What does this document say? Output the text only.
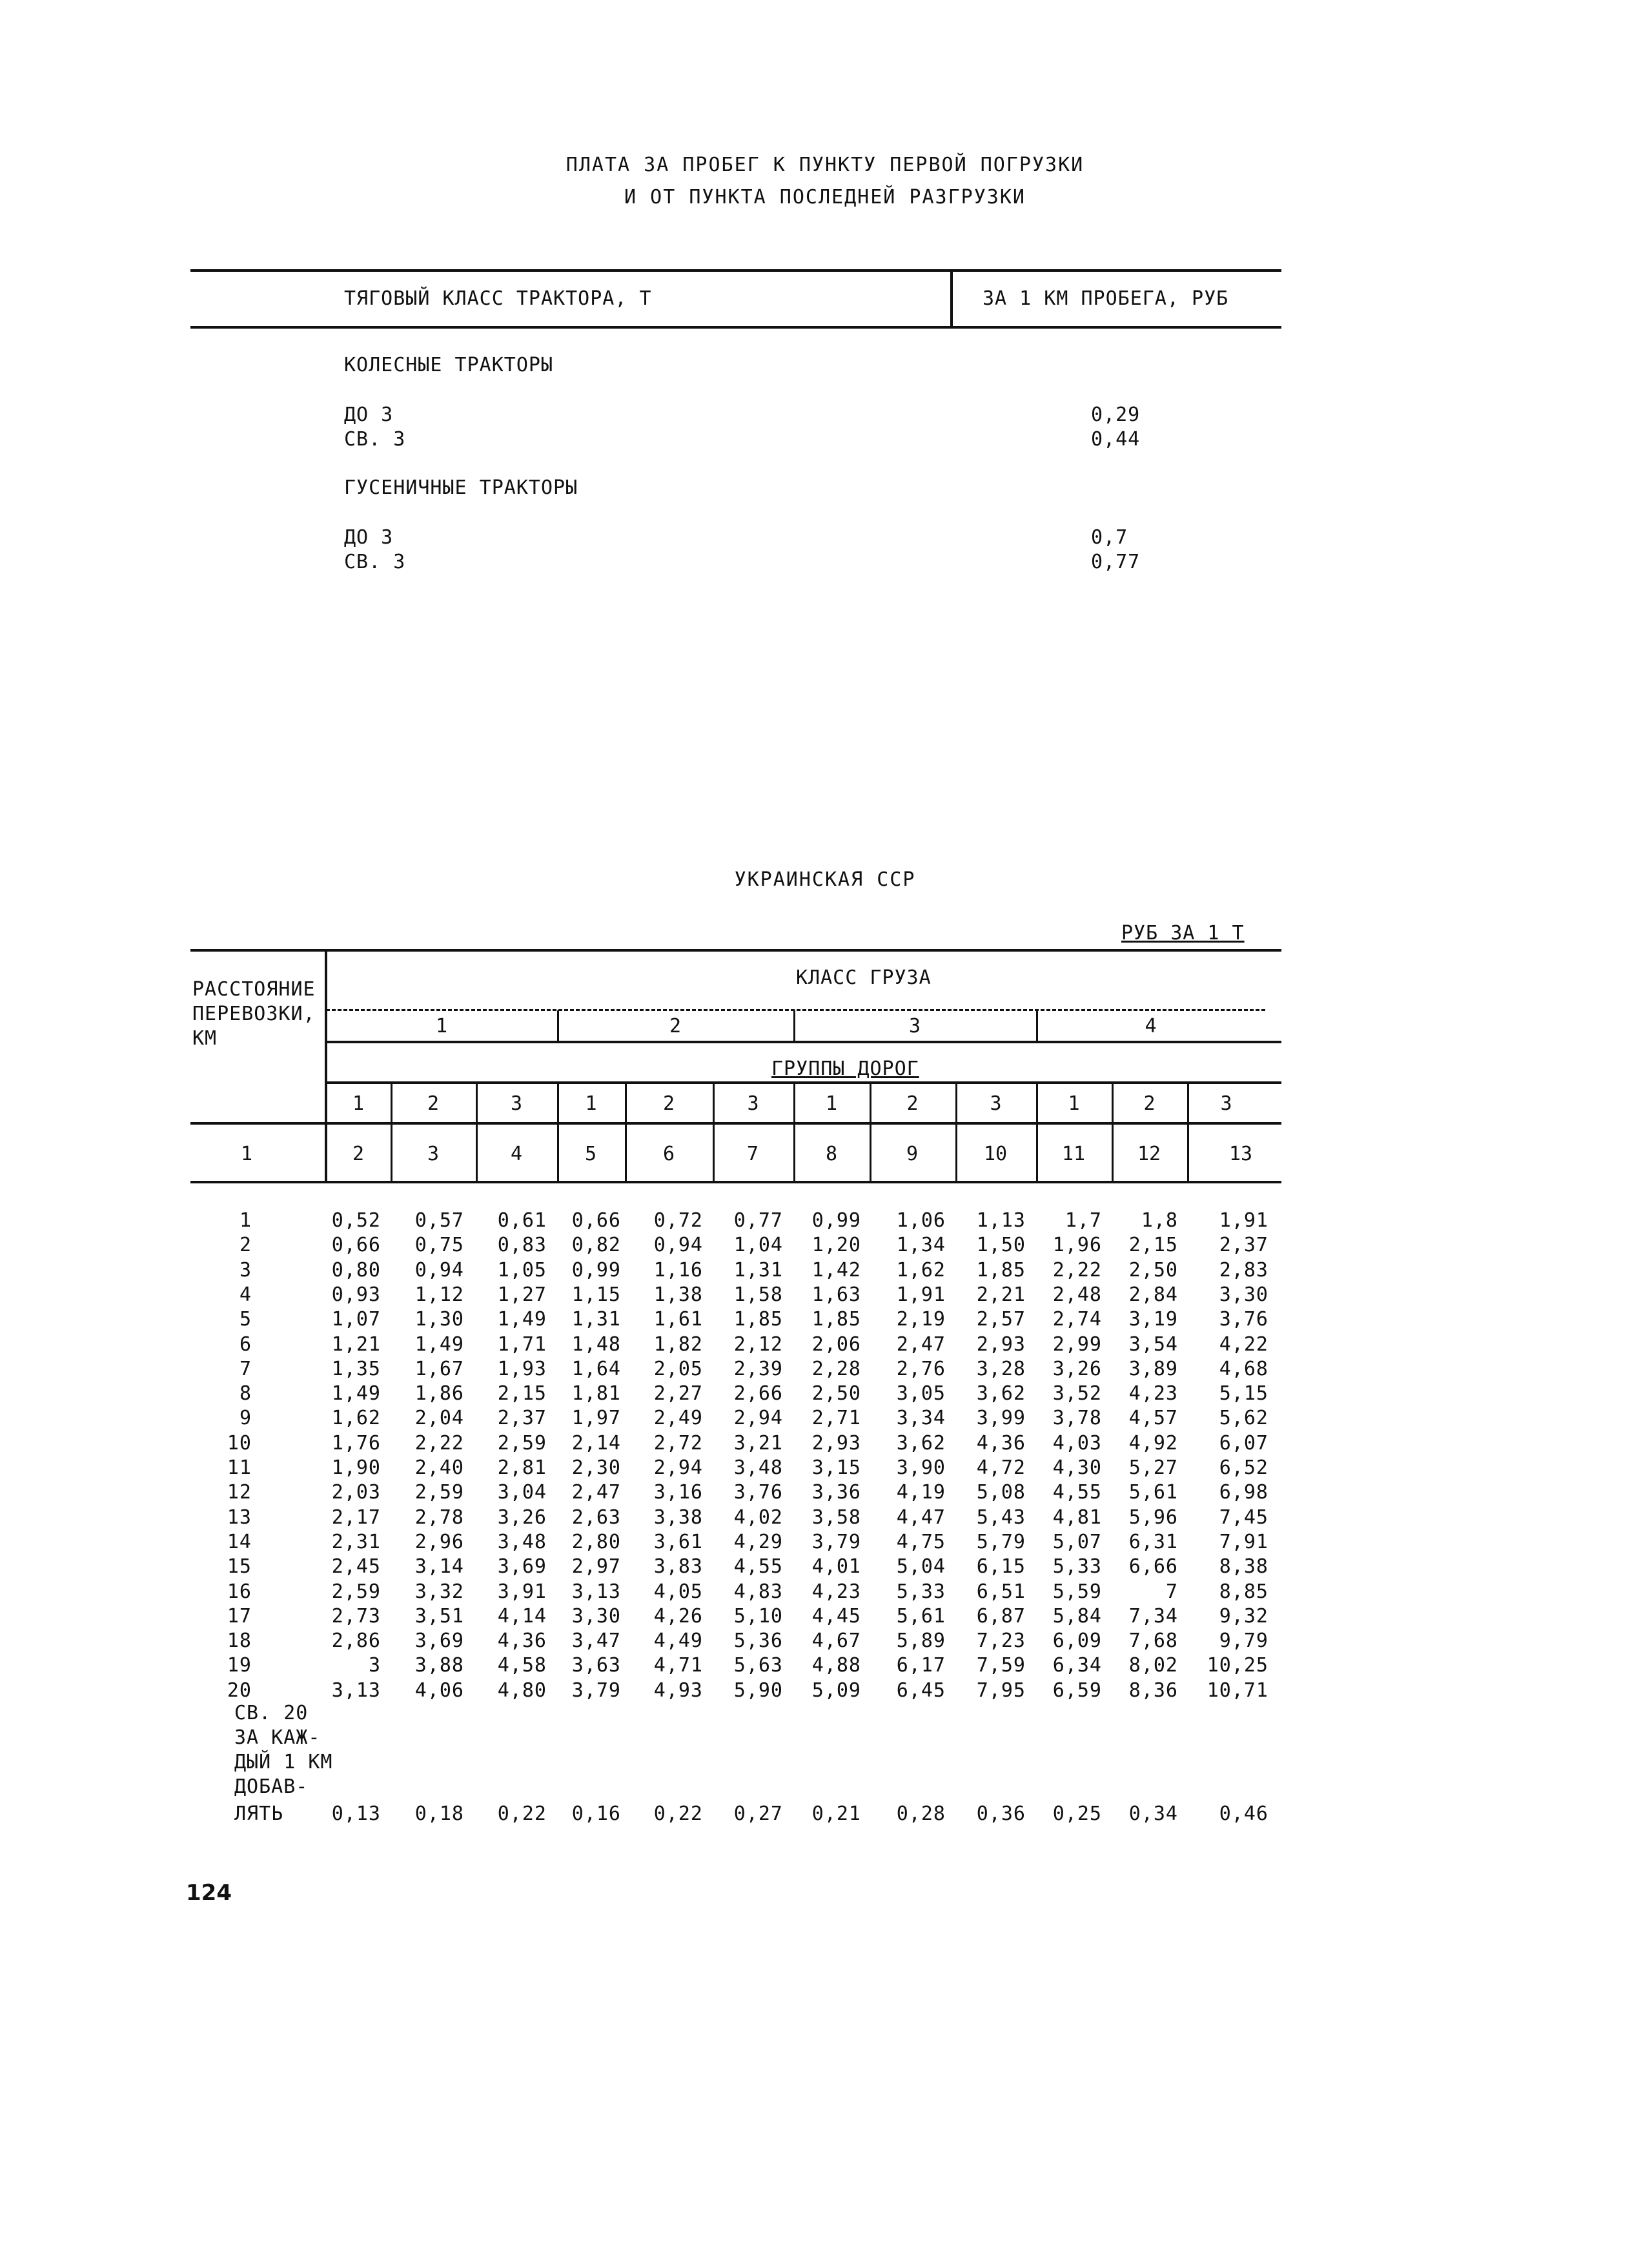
ПЛАТА ЗА ПРОБЕГ К ПУНКТУ ПЕРВОЙ ПОГРУЗКИ
И ОТ ПУНКТА ПОСЛЕДНЕЙ РАЗГРУЗКИ
ТЯГОВЫЙ КЛАСС ТРАКТОРА, Т	ЗА 1 КМ ПРОБЕГА, РУБ
КОЛЕСНЫЕ ТРАКТОРЫ
ДО 3	0,29
СВ. 3	0,44
ГУСЕНИЧНЫЕ ТРАКТОРЫ
ДО 3	0,7
СВ. 3	0,77
УКРАИНСКАЯ ССР
РУБ ЗА 1 Т
РАССТОЯНИЕ
ПЕРЕВОЗКИ,
КМ
КЛАСС ГРУЗА
1	2	3	4
ГРУППЫ ДОРОГ
1	2	3	1	2	3	1	2	3	1	2	3
1	2	3	4	5	6	7	8	9	10	11	12	13
1	0,52	0,57	0,61	0,66	0,72	0,77	0,99	1,06	1,13	1,7	1,8	1,91
2	0,66	0,75	0,83	0,82	0,94	1,04	1,20	1,34	1,50	1,96	2,15	2,37
3	0,80	0,94	1,05	0,99	1,16	1,31	1,42	1,62	1,85	2,22	2,50	2,83
4	0,93	1,12	1,27	1,15	1,38	1,58	1,63	1,91	2,21	2,48	2,84	3,30
5	1,07	1,30	1,49	1,31	1,61	1,85	1,85	2,19	2,57	2,74	3,19	3,76
6	1,21	1,49	1,71	1,48	1,82	2,12	2,06	2,47	2,93	2,99	3,54	4,22
7	1,35	1,67	1,93	1,64	2,05	2,39	2,28	2,76	3,28	3,26	3,89	4,68
8	1,49	1,86	2,15	1,81	2,27	2,66	2,50	3,05	3,62	3,52	4,23	5,15
9	1,62	2,04	2,37	1,97	2,49	2,94	2,71	3,34	3,99	3,78	4,57	5,62
10	1,76	2,22	2,59	2,14	2,72	3,21	2,93	3,62	4,36	4,03	4,92	6,07
11	1,90	2,40	2,81	2,30	2,94	3,48	3,15	3,90	4,72	4,30	5,27	6,52
12	2,03	2,59	3,04	2,47	3,16	3,76	3,36	4,19	5,08	4,55	5,61	6,98
13	2,17	2,78	3,26	2,63	3,38	4,02	3,58	4,47	5,43	4,81	5,96	7,45
14	2,31	2,96	3,48	2,80	3,61	4,29	3,79	4,75	5,79	5,07	6,31	7,91
15	2,45	3,14	3,69	2,97	3,83	4,55	4,01	5,04	6,15	5,33	6,66	8,38
16	2,59	3,32	3,91	3,13	4,05	4,83	4,23	5,33	6,51	5,59	7	8,85
17	2,73	3,51	4,14	3,30	4,26	5,10	4,45	5,61	6,87	5,84	7,34	9,32
18	2,86	3,69	4,36	3,47	4,49	5,36	4,67	5,89	7,23	6,09	7,68	9,79
19	3	3,88	4,58	3,63	4,71	5,63	4,88	6,17	7,59	6,34	8,02	10,25
20	3,13	4,06	4,80	3,79	4,93	5,90	5,09	6,45	7,95	6,59	8,36	10,71
СВ. 20
ЗА КАЖ-
ДЫЙ 1 КМ
ДОБАВ-
ЛЯТЬ	0,13	0,18	0,22	0,16	0,22	0,27	0,21	0,28	0,36	0,25	0,34	0,46
124
